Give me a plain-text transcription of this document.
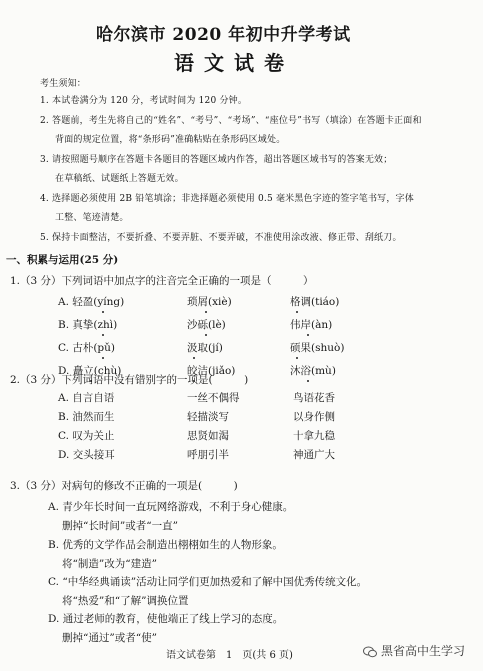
哈尔滨市 2020 年初中升学考试
语文试卷
考生须知：
1. 本试卷满分为 120 分，考试时间为 120 分钟。
2. 答题前，考生先将自己的“姓名”、“考号”、“考场”、“座位号”书写（填涂）在答题卡正面和
背面的规定位置，将“条形码”准确粘贴在条形码区域处。
3. 请按照题号顺序在答题卡各题目的答题区域内作答，超出答题区域书写的答案无效；
在草稿纸、试题纸上答题无效。
4. 选择题必须使用 2B 铅笔填涂；非选择题必须使用 0.5 毫米黑色字迹的签字笔书写，字体
工整、笔迹清楚。
5. 保持卡面整洁，不要折叠、不要弄脏、不要弄破，不准使用涂改液、修正带、刮纸刀。
一、积累与运用(25 分)
1.（3 分）下列词语中加点字的注音完全正确的一项是（　　　）
A. 轻盈(yíng)	琐屑(xiè)	格调(tiáo)
B. 真挚(zhì)	沙砾(lè)	伟岸(àn)
C. 古朴(pǔ)	汲取(jí)	硕果(shuò)
D. 矗立(chù)	皎洁(jiǎo)	沐浴(mù)
2.（3 分）下列词语中没有错别字的一项是(　　　)
A. 自言自语	一丝不偶得	鸟语花香
B. 油然而生	轻描淡写	以身作侧
C. 叹为关止	思贤如渴	十拿九稳
D. 交头接耳	呼朋引半	神通广大
3.（3 分）对病句的修改不正确的一项是(　　　)
A. 青少年长时间一直玩网络游戏，不利于身心健康。
删掉“长时间”或者“一直”
B. 优秀的文学作品会制造出栩栩如生的人物形象。
将“制造”改为“建造”
C. “中华经典诵读”活动让同学们更加热爱和了解中国优秀传统文化。
将“热爱”和“了解”调换位置
D. 通过老师的教育，使他端正了线上学习的态度。
删掉“通过”或者“使”
语文试卷第　1　页(共 6 页)	黑省高中生学习
